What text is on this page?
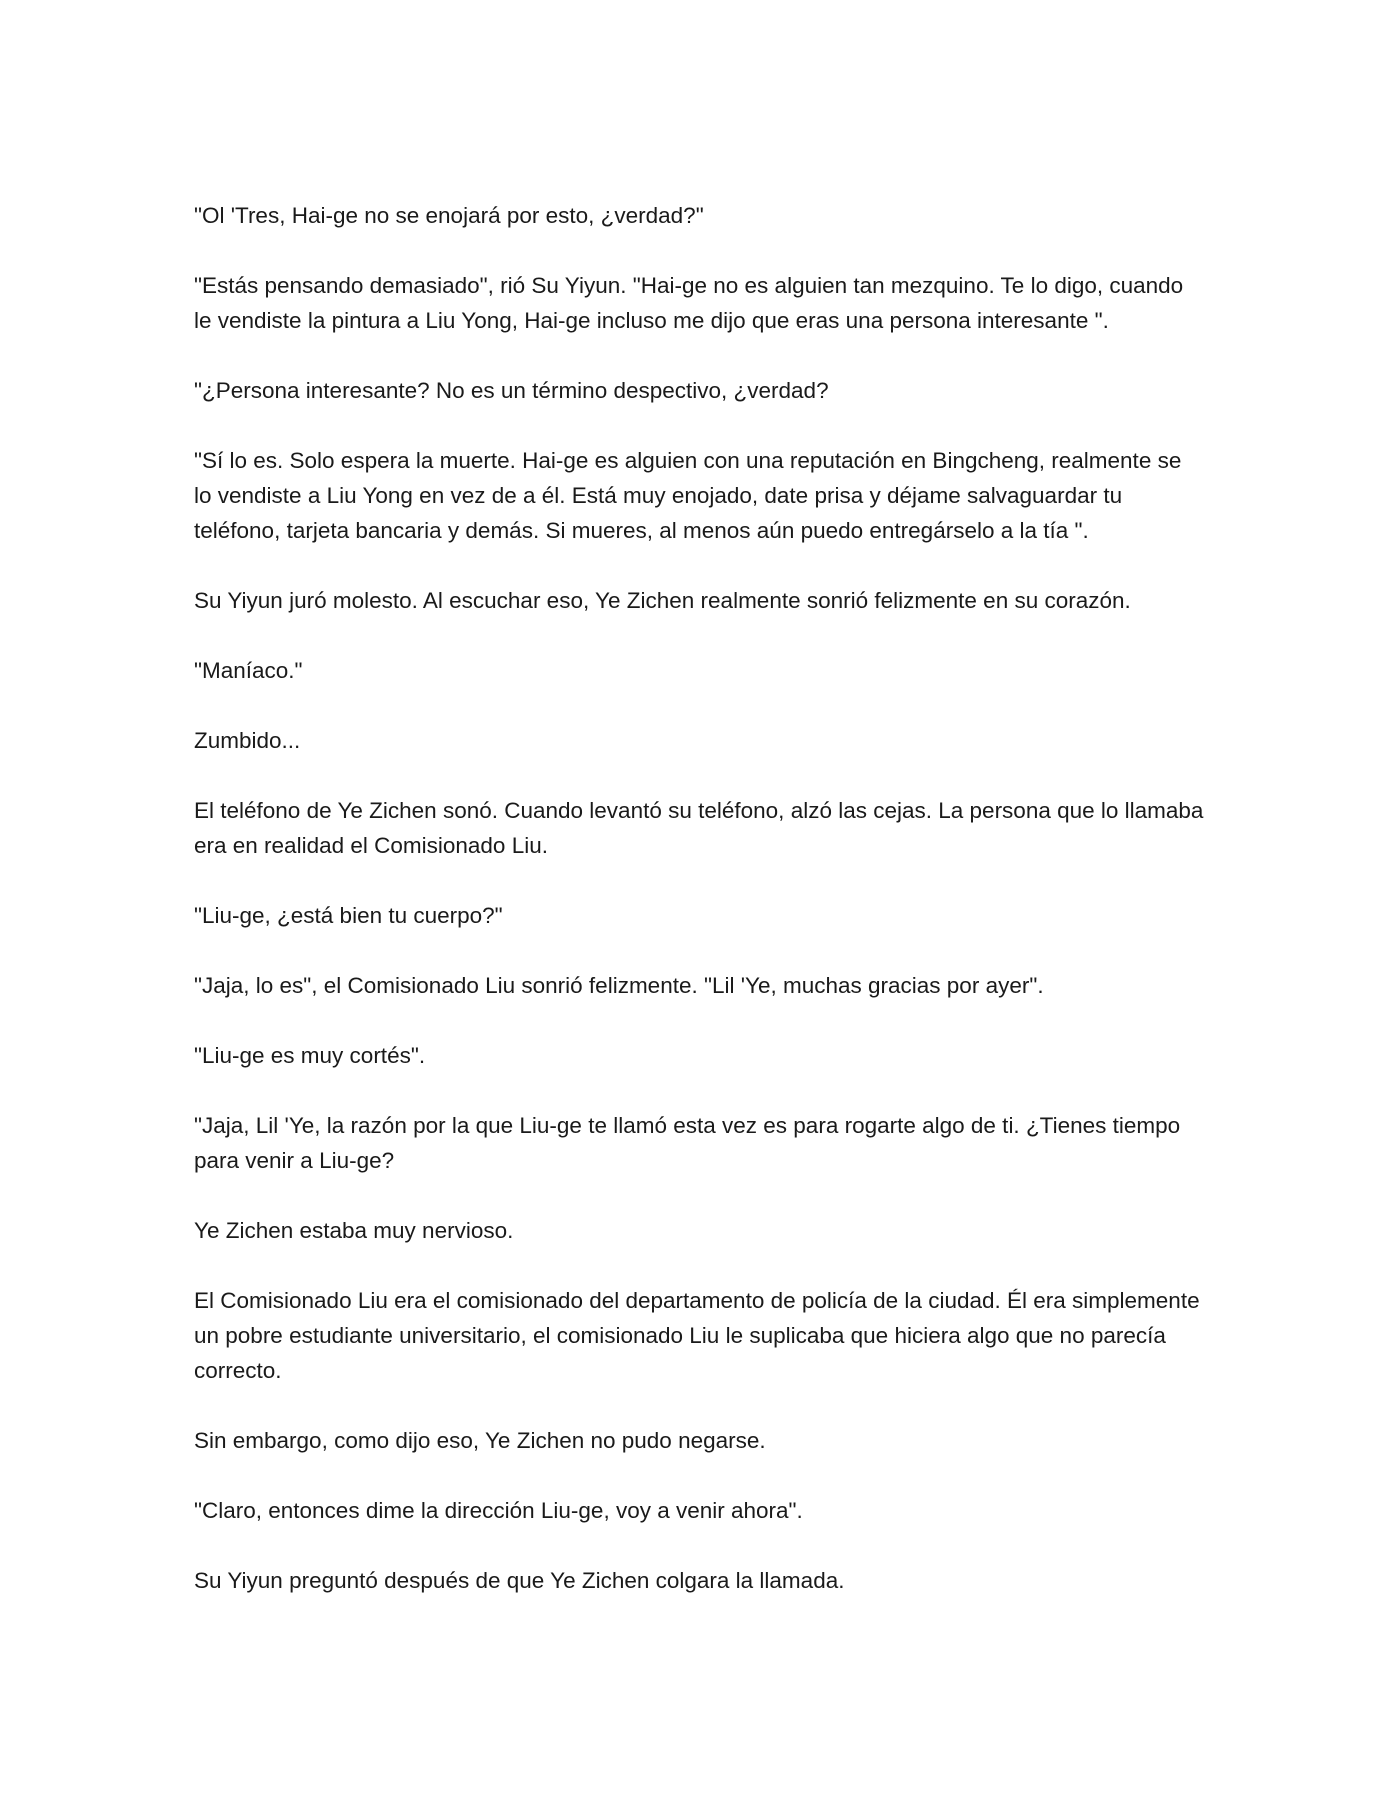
"Ol 'Tres, Hai-ge no se enojará por esto, ¿verdad?"

"Estás pensando demasiado", rió Su Yiyun. "Hai-ge no es alguien tan mezquino. Te lo digo, cuando le vendiste la pintura a Liu Yong, Hai-ge incluso me dijo que eras una persona interesante ".

"¿Persona interesante? No es un término despectivo, ¿verdad?

"Sí lo es. Solo espera la muerte. Hai-ge es alguien con una reputación en Bingcheng, realmente se lo vendiste a Liu Yong en vez de a él. Está muy enojado, date prisa y déjame salvaguardar tu teléfono, tarjeta bancaria y demás. Si mueres, al menos aún puedo entregárselo a la tía ".

Su Yiyun juró molesto. Al escuchar eso, Ye Zichen realmente sonrió felizmente en su corazón.

"Maníaco."

Zumbido...

El teléfono de Ye Zichen sonó. Cuando levantó su teléfono, alzó las cejas. La persona que lo llamaba era en realidad el Comisionado Liu.

"Liu-ge, ¿está bien tu cuerpo?"

"Jaja, lo es", el Comisionado Liu sonrió felizmente. "Lil 'Ye, muchas gracias por ayer".

"Liu-ge es muy cortés".

"Jaja, Lil 'Ye, la razón por la que Liu-ge te llamó esta vez es para rogarte algo de ti. ¿Tienes tiempo para venir a Liu-ge?

Ye Zichen estaba muy nervioso.

El Comisionado Liu era el comisionado del departamento de policía de la ciudad. Él era simplemente un pobre estudiante universitario, el comisionado Liu le suplicaba que hiciera algo que no parecía correcto.

Sin embargo, como dijo eso, Ye Zichen no pudo negarse.

"Claro, entonces dime la dirección Liu-ge, voy a venir ahora".

Su Yiyun preguntó después de que Ye Zichen colgara la llamada.
